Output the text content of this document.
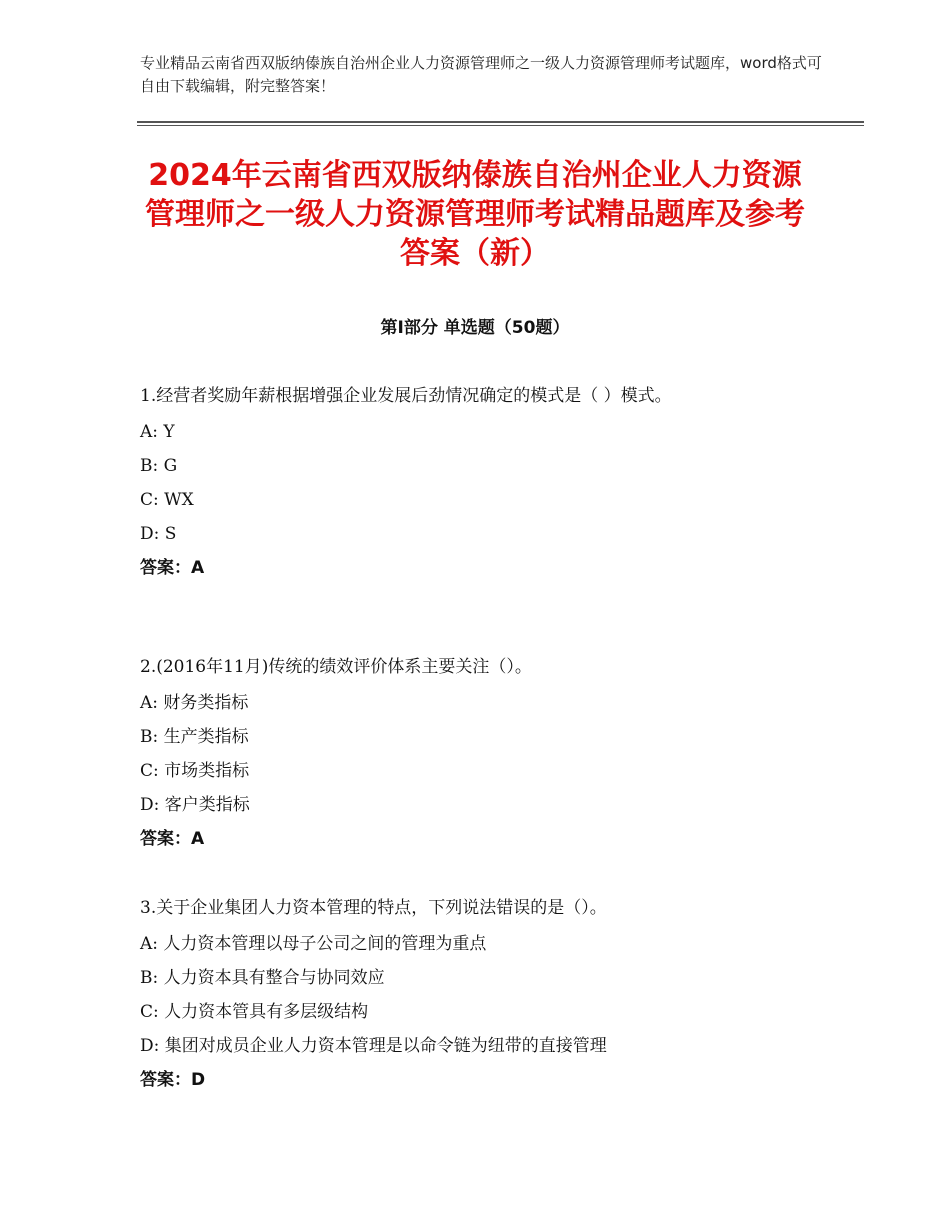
专业精品云南省西双版纳傣族自治州企业人力资源管理师之一级人力资源管理师考试题库，word格式可自由下载编辑，附完整答案！
2024年云南省西双版纳傣族自治州企业人力资源管理师之一级人力资源管理师考试精品题库及参考答案（新）
第Ⅰ部分 单选题（50题）
1.经营者奖励年薪根据增强企业发展后劲情况确定的模式是（ ）模式。
A: Y
B: G
C: WX
D: S
答案：A
2.(2016年11月)传统的绩效评价体系主要关注（）。
A: 财务类指标
B: 生产类指标
C: 市场类指标
D: 客户类指标
答案：A
3.关于企业集团人力资本管理的特点，下列说法错误的是（）。
A: 人力资本管理以母子公司之间的管理为重点
B: 人力资本具有整合与协同效应
C: 人力资本管具有多层级结构
D: 集团对成员企业人力资本管理是以命令链为纽带的直接管理
答案：D
